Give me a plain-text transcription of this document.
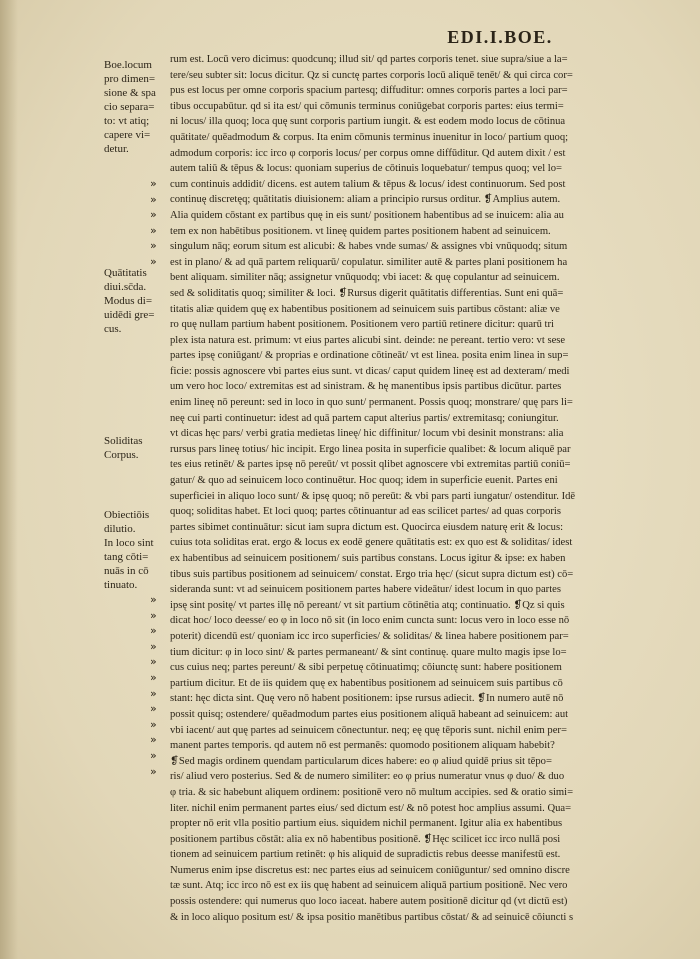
EDI.I.BOE.
Boe.locum
pro dimen=
sione & spa
cio separa=
to: vt atiq;
capere vi=
detur.
»
»
»
»
»
»
Quātitatis
diui.sc̄da.
Modus di=
uidēdi gre=
cus.
Soliditas
Corpus.
Obiectiōis
dilutio.
In loco sint
tang cōti=
nuās in cō
tinuato.
»
»
»
»
»
»
»
»
»
»
»
»
rum est. Locū vero dicimus: quodcunq; illud sit/ qd partes corporis tenet. siue supra/siue a la=
tere/seu subter sit: locus dicitur. Qz si cunctę partes corporis locū aliquē tenēt/ & qui circa cor=
pus est locus per omne corporis spacium partesq; diffuditur: omnes corporis partes a loci par=
tibus occupabūtur. qd si ita est/ qui cōmunis terminus coniūgebat corporis partes: eius termi=
ni locus/ illa quoq; loca quę sunt corporis partium iungit. & est eodem modo locus de cōtinua
quātitate/ quēadmodum & corpus. Ita enim cōmunis terminus inuenitur in loco/ partium quoq;
admodum corporis: icc irco φ corporis locus/ per corpus omne diffūditur. Qd autem dixit / est
autem taliū & tēpus & locus: quoniam superius de cōtinuis loquebatur/ tempus quoq; vel lo=
cum continuis addidit/ dicens. est autem talium & tēpus & locus/ idest continuorum. Sed post
continuę discretęq; quātitatis diuisionem: aliam a principio rursus orditur. ❡Amplius autem.
Alia quidem cōstant ex partibus quę in eis sunt/ positionem habentibus ad se inuicem: alia au
tem ex non habētibus positionem. vt lineę quidem partes positionem habent ad seinuicem.
singulum nāq; eorum situm est alicubi: & habes vnde sumas/ & assignes vbi vnūquodq; situm
est in plano/ & ad quā partem reliquarū/ copulatur. similiter autē & partes plani positionem ha
bent aliquam. similiter nāq; assignetur vnūquodq; vbi iacet: & quę copulantur ad seinuicem.
sed & soliditatis quoq; similiter & loci. ❡Rursus digerit quātitatis differentias. Sunt eni quā=
titatis aliæ quidem quę ex habentibus positionem ad seinuicem suis partibus cōstant: aliæ ve
ro quę nullam partium habent positionem. Positionem vero partiū retinere dicitur: quarū tri
plex ista natura est. primum: vt eius partes alicubi sint. deinde: ne pereant. tertio vero: vt sese
partes ipsę coniūgant/ & proprias e ordinatione cōtineāt/ vt est linea. posita enim linea in sup=
ficie: possis agnoscere vbi partes eius sunt. vt dicas/ caput quidem lineę est ad dexteram/ medi
um vero hoc loco/ extremitas est ad sinistram. & hę manentibus ipsis partibus dicūtur. partes
enim lineę nō pereunt: sed in loco in quo sunt/ permanent. Possis quoq; monstrare/ quę pars li=
neę cui parti continuetur: idest ad quā partem caput alterius partis/ extremitasq; coniungitur.
vt dicas hęc pars/ verbi gratia medietas lineę/ hic diffinitur/ locum vbi desinit monstrans: alia
rursus pars lineę totius/ hic incipit. Ergo linea posita in superficie qualibet: & locum aliquē par
tes eius retinēt/ & partes ipsę nō pereūt/ vt possit qlibet agnoscere vbi extremitas partiū coniū=
gatur/ & quo ad seinuicem loco continuētur. Hoc quoq; idem in superficie euenit. Partes eni
superficiei in aliquo loco sunt/ & ipsę quoq; nō pereūt: & vbi pars parti iungatur/ ostenditur. Idē
quoq; soliditas habet. Et loci quoq; partes cōtinuantur ad eas scilicet partes/ ad quas corporis
partes sibimet continuātur: sicut iam supra dictum est. Quocirca eiusdem naturę erit & locus:
cuius tota soliditas erat. ergo & locus ex eodē genere quātitatis est: ex quo est & soliditas/ idest
ex habentibus ad seinuicem positionem/ suis partibus constans. Locus igitur & ipse: ex haben
tibus suis partibus positionem ad seinuicem/ constat. Ergo tria hęc/ (sicut supra dictum est) cō=
sideranda sunt: vt ad seinuicem positionem partes habere videātur/ idest locum in quo partes
ipsę sint positę/ vt partes illę nō pereant/ vt sit partium cōtinētia atq; continuatio. ❡Qz si quis
dicat hoc/ loco deesse/ eo φ in loco nō sit (in loco enim cuncta sunt: locus vero in loco esse nō
poterit) dicendū est/ quoniam icc irco superficies/ & soliditas/ & linea habere positionem par=
tium dicitur: φ in loco sint/ & partes permaneant/ & sint continuę. quare multo magis ipse lo=
cus cuius neq; partes pereunt/ & sibi perpetuę cōtinuatimq; cōiunctę sunt: habere positionem
partium dicitur. Et de iis quidem quę ex habentibus positionem ad seinuicem suis partibus cō
stant: hęc dicta sint. Quę vero nō habent positionem: ipse rursus adiecit. ❡In numero autē nō
possit quisq; ostendere/ quēadmodum partes eius positionem aliquā habeant ad seinuicem: aut
vbi iacent/ aut quę partes ad seinuicem cōnectuntur. neq; eę quę tēporis sunt. nichil enim per=
manent partes temporis. qd autem nō est permanēs: quomodo positionem aliquam habebit?
❡Sed magis ordinem quendam particularum dices habere: eo φ aliud quidē prius sit tēpo=
ris/ aliud vero posterius. Sed & de numero similiter: eo φ prius numeratur vnus φ duo/ & duo
φ tria. & sic habebunt aliquem ordinem: positionē vero nō multum accipies. sed & oratio simi=
liter. nichil enim permanent partes eius/ sed dictum est/ & nō potest hoc amplius assumi. Qua=
propter nō erit vlla positio partium eius. siquidem nichil permanent. Igitur alia ex habentibus
positionem partibus cōstāt: alia ex nō habentibus positionē. ❡Hęc scilicet icc irco nullā posi
tionem ad seinuicem partium retinēt: φ his aliquid de supradictis rebus deesse manifestū est.
Numerus enim ipse discretus est: nec partes eius ad seinuicem coniūguntur/ sed omnino discre
tæ sunt. Atq; icc irco nō est ex iis quę habent ad seinuicem aliquā partium positionē. Nec vero
possis ostendere: qui numerus quo loco iaceat. habere autem positionē dicitur qd (vt dictū est)
& in loco aliquo positum est/ & ipsa positio manētibus partibus cōstat/ & ad seinuicē cōiuncti s
